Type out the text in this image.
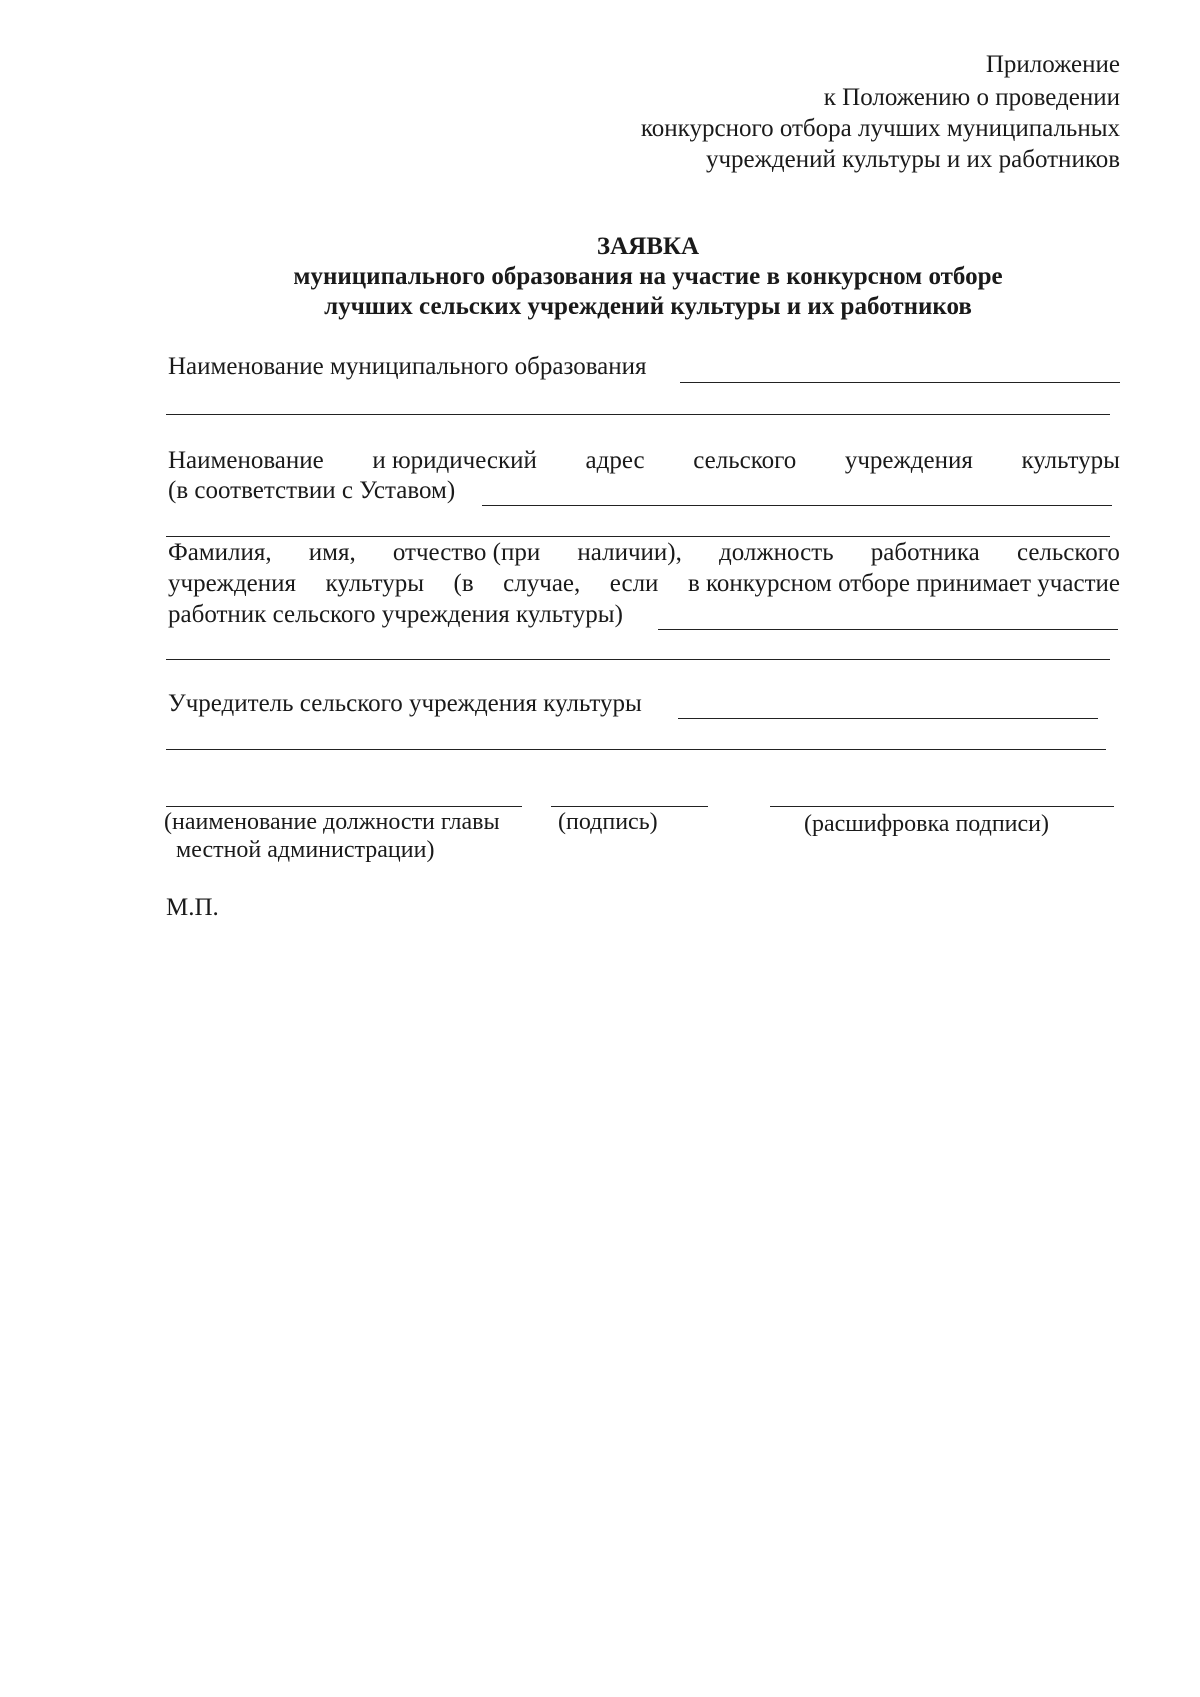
Приложение
к Положению о проведении
конкурсного отбора лучших муниципальных
учреждений культуры и их работников
ЗАЯВКА
муниципального образования на участие в конкурсном отборе
лучших сельских учреждений культуры и их работников
Наименование муниципального образования
Наименование и юридический адрес сельского учреждения культуры
(в соответствии с Уставом)
Фамилия, имя, отчество (при наличии), должность работника сельского
учреждения культуры (в случае, если в конкурсном отборе принимает участие
работник сельского учреждения культуры)
Учредитель сельского учреждения культуры
(наименование должности главы
местной администрации)
(подпись)	(расшифровка подписи)
М.П.
